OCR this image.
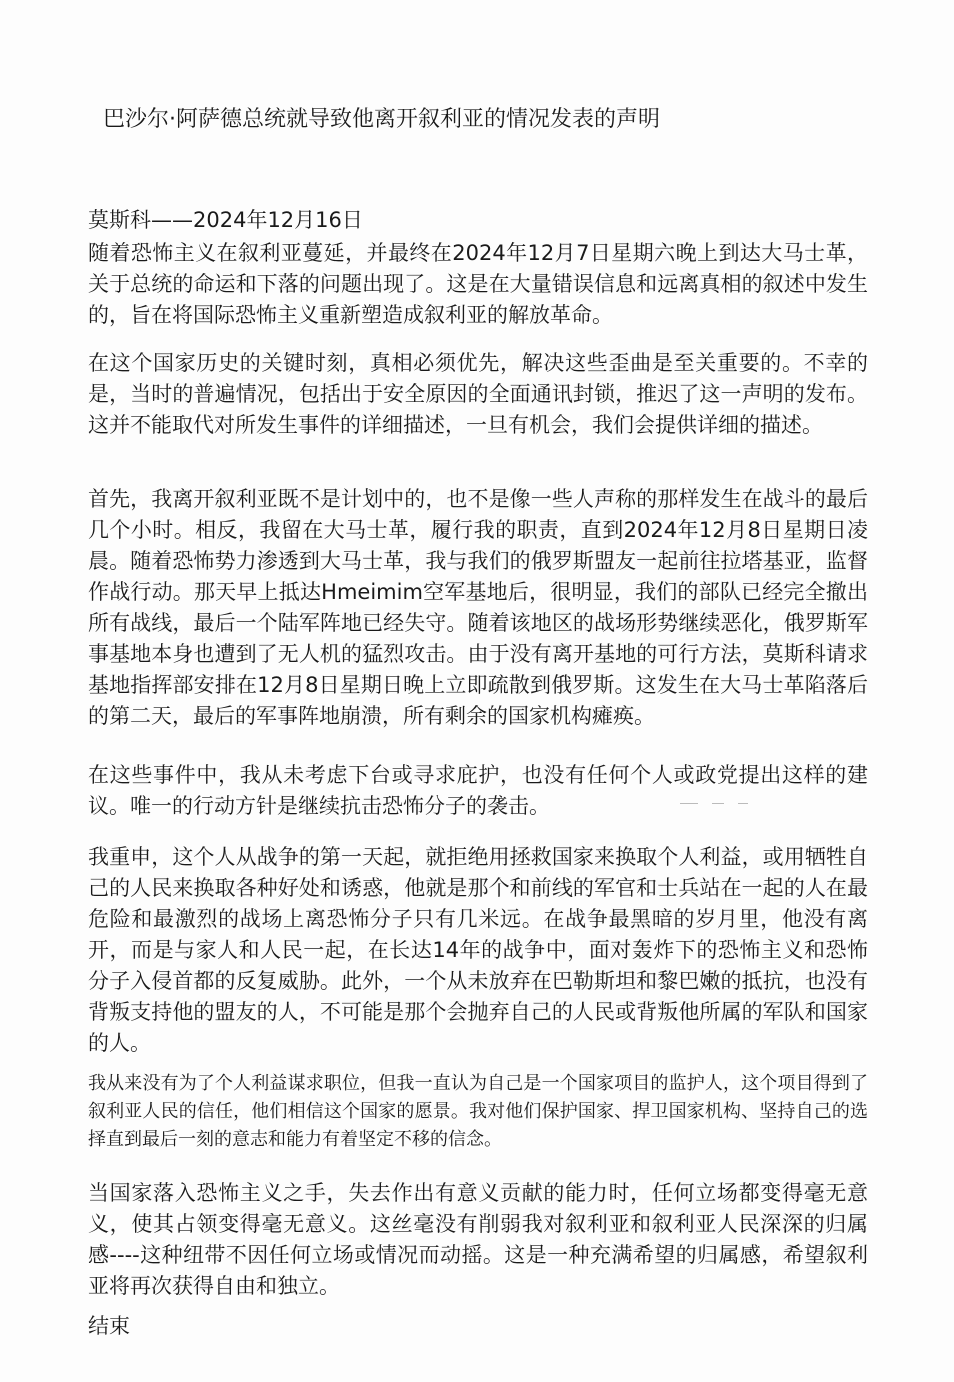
巴沙尔·阿萨德总统就导致他离开叙利亚的情况发表的声明
莫斯科——2024年12月16日

随着恐怖主义在叙利亚蔓延，并最终在2024年12月7日星期六晚上到达大马士革，关于总统的命运和下落的问题出现了。这是在大量错误信息和远离真相的叙述中发生的，旨在将国际恐怖主义重新塑造成叙利亚的解放革命。

在这个国家历史的关键时刻，真相必须优先，解决这些歪曲是至关重要的。不幸的是，当时的普遍情况，包括出于安全原因的全面通讯封锁，推迟了这一声明的发布。这并不能取代对所发生事件的详细描述，一旦有机会，我们会提供详细的描述。

首先，我离开叙利亚既不是计划中的，也不是像一些人声称的那样发生在战斗的最后几个小时。相反，我留在大马士革，履行我的职责，直到2024年12月8日星期日凌晨。随着恐怖势力渗透到大马士革，我与我们的俄罗斯盟友一起前往拉塔基亚，监督作战行动。那天早上抵达Hmeimim空军基地后，很明显，我们的部队已经完全撤出所有战线，最后一个陆军阵地已经失守。随着该地区的战场形势继续恶化，俄罗斯军事基地本身也遭到了无人机的猛烈攻击。由于没有离开基地的可行方法，莫斯科请求基地指挥部安排在12月8日星期日晚上立即疏散到俄罗斯。这发生在大马士革陷落后的第二天，最后的军事阵地崩溃，所有剩余的国家机构瘫痪。

在这些事件中，我从未考虑下台或寻求庇护，也没有任何个人或政党提出这样的建议。唯一的行动方针是继续抗击恐怖分子的袭击。

我重申，这个人从战争的第一天起，就拒绝用拯救国家来换取个人利益，或用牺牲自己的人民来换取各种好处和诱惑，他就是那个和前线的军官和士兵站在一起的人在最危险和最激烈的战场上离恐怖分子只有几米远。在战争最黑暗的岁月里，他没有离开，而是与家人和人民一起，在长达14年的战争中，面对轰炸下的恐怖主义和恐怖分子入侵首都的反复威胁。此外，一个从未放弃在巴勒斯坦和黎巴嫩的抵抗，也没有背叛支持他的盟友的人，不可能是那个会抛弃自己的人民或背叛他所属的军队和国家的人。

我从来没有为了个人利益谋求职位，但我一直认为自己是一个国家项目的监护人，这个项目得到了叙利亚人民的信任，他们相信这个国家的愿景。我对他们保护国家、捍卫国家机构、坚持自己的选择直到最后一刻的意志和能力有着坚定不移的信念。

当国家落入恐怖主义之手，失去作出有意义贡献的能力时，任何立场都变得毫无意义，使其占领变得毫无意义。这丝毫没有削弱我对叙利亚和叙利亚人民深深的归属感----这种纽带不因任何立场或情况而动摇。这是一种充满希望的归属感，希望叙利亚将再次获得自由和独立。

结束
